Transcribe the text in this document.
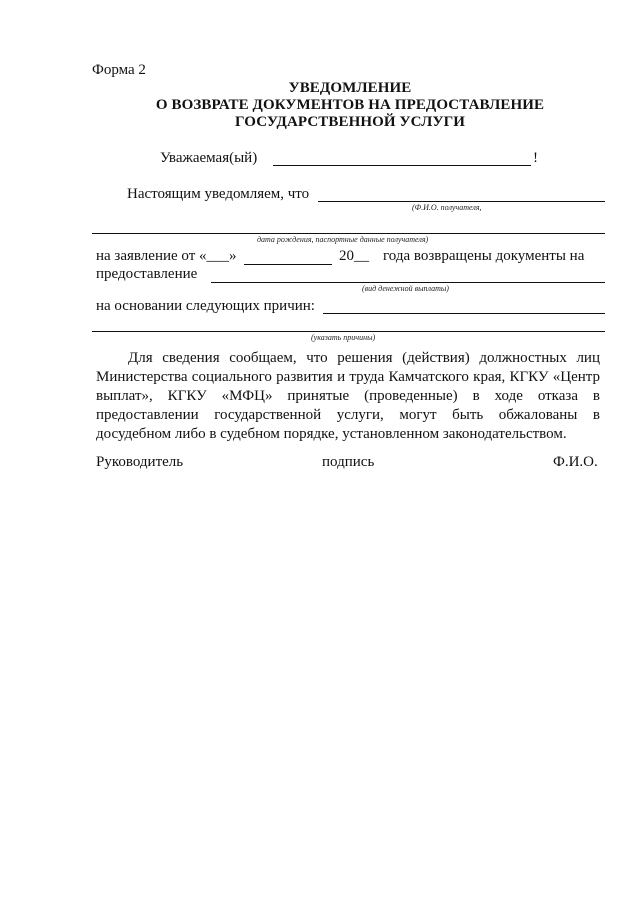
Форма 2
УВЕДОМЛЕНИЕ
О ВОЗВРАТЕ ДОКУМЕНТОВ НА ПРЕДОСТАВЛЕНИЕ
ГОСУДАРСТВЕННОЙ УСЛУГИ
Уважаемая(ый)	!
Настоящим уведомляем, что
(Ф.И.О. получателя,
дата рождения, паспортные данные получателя)
на заявление от «___»	20__ года возвращены документы на
предоставление
(вид денежной выплаты)
на основании следующих причин:
(указать причины)
Для сведения сообщаем, что решения (действия) должностных лиц
Министерства социального развития и труда Камчатского края, КГКУ «Центр
выплат», КГКУ «МФЦ» принятые (проведенные) в ходе отказа в
предоставлении государственной услуги, могут быть обжалованы в
досудебном либо в судебном порядке, установленном законодательством.
Руководитель	подпись	Ф.И.О.
